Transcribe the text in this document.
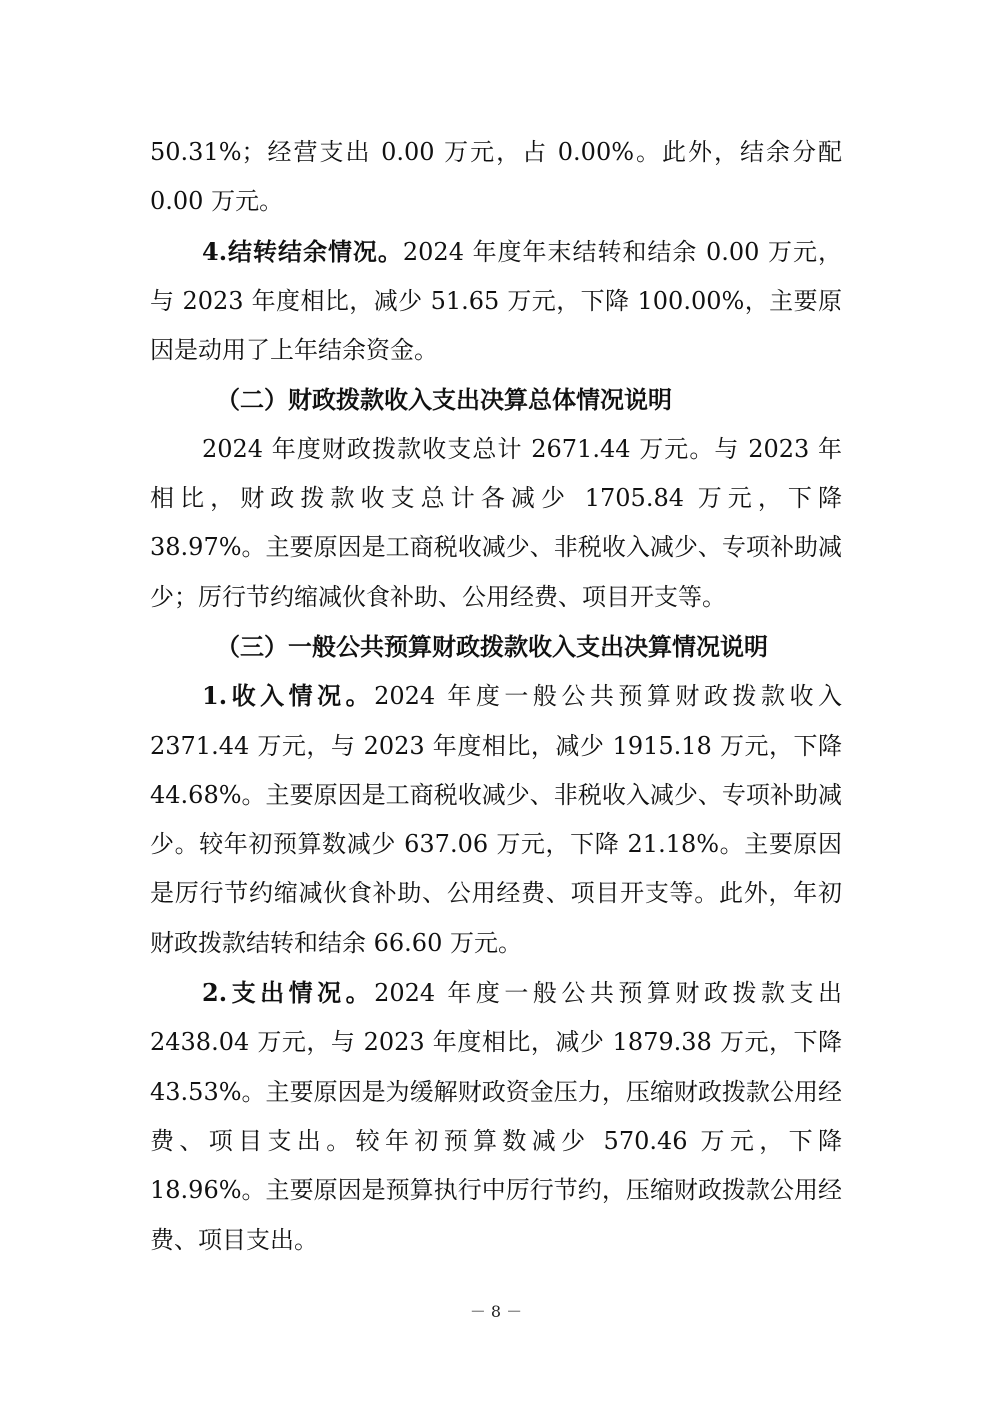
50.31%；经营支出 0.00 万元，占 0.00%。此外，结余分配 0.00 万元。

4.结转结余情况。2024 年度年末结转和结余 0.00 万元，与 2023 年度相比，减少 51.65 万元，下降 100.00%，主要原因是动用了上年结余资金。

（二）财政拨款收入支出决算总体情况说明

2024 年度财政拨款收支总计 2671.44 万元。与 2023 年相比，财政拨款收支总计各减少 1705.84 万元，下降 38.97%。主要原因是工商税收减少、非税收入减少、专项补助减少；厉行节约缩减伙食补助、公用经费、项目开支等。

（三）一般公共预算财政拨款收入支出决算情况说明

1.收入情况。2024 年度一般公共预算财政拨款收入 2371.44 万元，与 2023 年度相比，减少 1915.18 万元，下降 44.68%。主要原因是工商税收减少、非税收入减少、专项补助减少。较年初预算数减少 637.06 万元，下降 21.18%。主要原因是厉行节约缩减伙食补助、公用经费、项目开支等。此外，年初财政拨款结转和结余 66.60 万元。

2.支出情况。2024 年度一般公共预算财政拨款支出 2438.04 万元，与 2023 年度相比，减少 1879.38 万元，下降 43.53%。主要原因是为缓解财政资金压力，压缩财政拨款公用经费、项目支出。较年初预算数减少 570.46 万元，下降 18.96%。主要原因是预算执行中厉行节约，压缩财政拨款公用经费、项目支出。

－ 8 －
